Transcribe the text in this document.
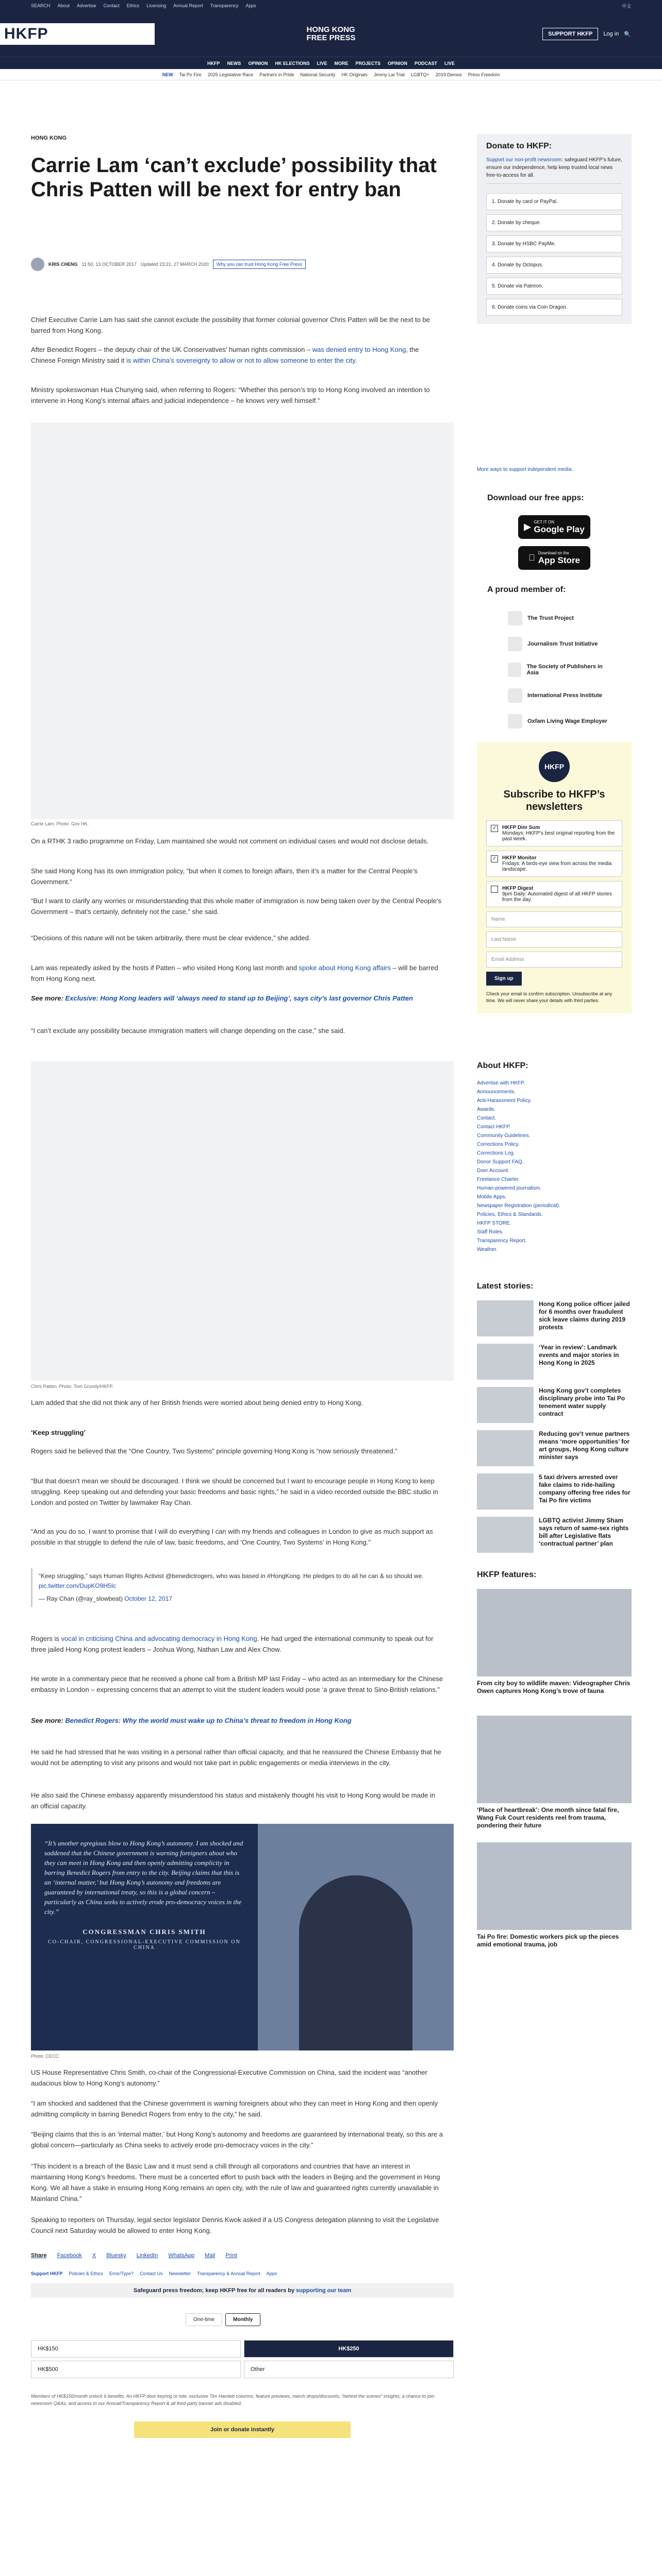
SEARCH About Advertise Contact Ethics Licensing Annual Report Transparency Apps	中文
HKFP	HONG KONG
FREE PRESS	SUPPORT HKFP	Log in 🔍
HKFP NEWS OPINION HK ELECTIONS LIVE MORE PROJECTS OPINION PODCAST LIVE
NEW Tai Po Fire 2025 Legislative Race Partners in Pride National Security HK Originals Jimmy Lai Trial LGBTQ+ 2019 Demos Press Freedom
HONG KONG
Carrie Lam ‘can’t exclude’ possibility that Chris Patten will be next for entry ban
KRIS CHENG 11:50, 13 OCTOBER 2017 Updated 23:21, 27 MARCH 2020	Why you can trust Hong Kong Free Press

Chief Executive Carrie Lam has said she cannot exclude the possibility that former colonial governor Chris Patten will be the next to be barred from Hong Kong.

After Benedict Rogers – the deputy chair of the UK Conservatives’ human rights commission – was denied entry to Hong Kong, the Chinese Foreign Ministry said it is within China’s sovereignty to allow or not to allow someone to enter the city.

Ministry spokeswoman Hua Chunying said, when referring to Rogers: “Whether this person’s trip to Hong Kong involved an intention to intervene in Hong Kong’s internal affairs and judicial independence – he knows very well himself.”

Carrie Lam. Photo: Gov HK.

On a RTHK 3 radio programme on Friday, Lam maintained she would not comment on individual cases and would not disclose details.

She said Hong Kong has its own immigration policy, “but when it comes to foreign affairs, then it’s a matter for the Central People’s Government.”

“But I want to clarify any worries or misunderstanding that this whole matter of immigration is now being taken over by the Central People’s Government – that’s certainly, definitely not the case,” she said.

“Decisions of this nature will not be taken arbitrarily, there must be clear evidence,” she added.

Lam was repeatedly asked by the hosts if Patten – who visited Hong Kong last month and spoke about Hong Kong affairs – will be barred from Hong Kong next.

See more: Exclusive: Hong Kong leaders will ‘always need to stand up to Beijing’, says city’s last governor Chris Patten

“I can’t exclude any possibility because immigration matters will change depending on the case,” she said.

Chris Patten. Photo: Tom Grundy/HKFP.

Lam added that she did not think any of her British friends were worried about being denied entry to Hong Kong.

‘Keep struggling’

Rogers said he believed that the “One Country, Two Systems” principle governing Hong Kong is “now seriously threatened.”

“But that doesn’t mean we should be discouraged. I think we should be concerned but I want to encourage people in Hong Kong to keep struggling. Keep speaking out and defending your basic freedoms and basic rights,” he said in a video recorded outside the BBC studio in London and posted on Twitter by lawmaker Ray Chan.

“And as you do so, I want to promise that I will do everything I can with my friends and colleagues in London to give as much support as possible in that struggle to defend the rule of law, basic freedoms, and ‘One Country, Two Systems’ in Hong Kong.”

“Keep struggling,” says Human Rights Activist @benedictrogers, who was based in #HongKong. He pledges to do all he can & so should we.
pic.twitter.com/DupKO9H5Ic
— Ray Chan (@ray_slowbeat) October 12, 2017

Rogers is vocal in criticising China and advocating democracy in Hong Kong. He had urged the international community to speak out for three jailed Hong Kong protest leaders – Joshua Wong, Nathan Law and Alex Chow.

He wrote in a commentary piece that he received a phone call from a British MP last Friday – who acted as an intermediary for the Chinese embassy in London – expressing concerns that an attempt to visit the student leaders would pose ‘a grave threat to Sino-British relations.”

See more: Benedict Rogers: Why the world must wake up to China’s threat to freedom in Hong Kong

He said he had stressed that he was visiting in a personal rather than official capacity, and that he reassured the Chinese Embassy that he would not be attempting to visit any prisons and would not take part in public engagements or media interviews in the city.

He also said the Chinese embassy apparently misunderstood his status and mistakenly thought his visit to Hong Kong would be made in an official capacity.

“It’s another egregious blow to Hong Kong’s autonomy. I am shocked and saddened that the Chinese government is warning foreigners about who they can meet in Hong Kong and then openly admitting complicity in barring Benedict Rogers from entry to the city. Beijing claims that this is an ‘internal matter,’ but Hong Kong’s autonomy and freedoms are guaranteed by international treaty, so this is a global concern – particularly as China seeks to actively erode pro-democracy voices in the city.”
CONGRESSMAN CHRIS SMITH
CO-CHAIR, CONGRESSIONAL-EXECUTIVE COMMISSION ON CHINA
Photo: CECC.

US House Representative Chris Smith, co-chair of the Congressional-Executive Commission on China, said the incident was “another audacious blow to Hong Kong’s autonomy.”

“I am shocked and saddened that the Chinese government is warning foreigners about who they can meet in Hong Kong and then openly admitting complicity in barring Benedict Rogers from entry to the city,” he said.

“Beijing claims that this is an ‘internal matter,’ but Hong Kong’s autonomy and freedoms are guaranteed by international treaty, so this are a global concern—particularly as China seeks to actively erode pro-democracy voices in the city.”

“This incident is a breach of the Basic Law and it must send a chill through all corporations and countries that have an interest in maintaining Hong Kong’s freedoms. There must be a concerted effort to push back with the leaders in Beijing and the government in Hong Kong. We all have a stake in ensuring Hong Kong remains an open city, with the rule of law and guaranteed rights currently unavailable in Mainland China.”

Speaking to reporters on Thursday, legal sector legislator Dennis Kwok asked if a US Congress delegation planning to visit the Legislative Council next Saturday would be allowed to enter Hong Kong.

Share Facebook X Bluesky LinkedIn WhatsApp Mail Print
Support HKFP Policies & Ethics Error/Typo? Contact Us Newsletter Transparency & Annual Report Apps
Safeguard press freedom; keep HKFP free for all readers by supporting our team
One-time	Monthly
HK$150	HK$250
HK$500	Other
Members of HK$150/month unlock 6 benefits. An HKFP door keyring or tote, exclusive Tim Hamlett columns, feature previews, merch drops/discounts, “behind the scenes” insights, a chance to join newsroom Q&As, and access to our Annual/Transparency Report & all third-party banner ads disabled.
Join or donate instantly
Donate to HKFP:
Support our non-profit newsroom: safeguard HKFP’s future, ensure our independence, help keep trusted local news free-to-access for all.
1. Donate by card or PayPal.
2. Donate by cheque.
3. Donate by HSBC PayMe.
4. Donate by Octopus.
5. Donate via Patreon.
6. Donate coins via Coin Dragon.
More ways to support independent media.
Download our free apps:
▶ GET IT ON
Google Play
Download on the
App Store
A proud member of:
The Trust Project
Journalism Trust Initiative
The Society of Publishers in Asia
International Press Institute
Oxfam Living Wage Employer
HKFP
Subscribe to HKFP’s newsletters
✓ HKFP Dim Sum
Mondays: HKFP’s best original reporting from the past week.
✓ HKFP Monitor
Fridays: A birds-eye view from across the media landscape.
HKFP Digest
9pm Daily: Automated digest of all HKFP stories from the day.
Name
Last Name
Email Address
Sign up
Check your email to confirm subscription. Unsubscribe at any time. We will never share your details with third parties.
About HKFP:
Advertise with HKFP.
Announcements.
Anti-Harassment Policy.
Awards.
Contact.
Contact HKFP.
Community Guidelines.
Corrections Policy.
Corrections Log.
Donor Support FAQ.
Doer Account.
Freelance Charter.
Human-powered journalism.
Mobile Apps.
Newspaper Registration (periodical).
Policies, Ethics & Standards.
HKFP STORE.
Staff Roles.
Transparency Report.
Weather.
Latest stories:
Hong Kong police officer jailed for 6 months over fraudulent sick leave claims during 2019 protests
‘Year in review’: Landmark events and major stories in Hong Kong in 2025
Hong Kong gov’t completes disciplinary probe into Tai Po tenement water supply contract
Reducing gov’t venue partners means ‘more opportunities’ for art groups, Hong Kong culture minister says
5 taxi drivers arrested over fake claims to ride-hailing company offering free rides for Tai Po fire victims
LGBTQ activist Jimmy Sham says return of same-sex rights bill after Legislative flats ‘contractual partner’ plan
HKFP features:
From city boy to wildlife maven: Videographer Chris Owen captures Hong Kong’s trove of fauna
‘Place of heartbreak’: One month since fatal fire, Wang Fuk Court residents reel from trauma, pondering their future
Tai Po fire: Domestic workers pick up the pieces amid emotional trauma, job
